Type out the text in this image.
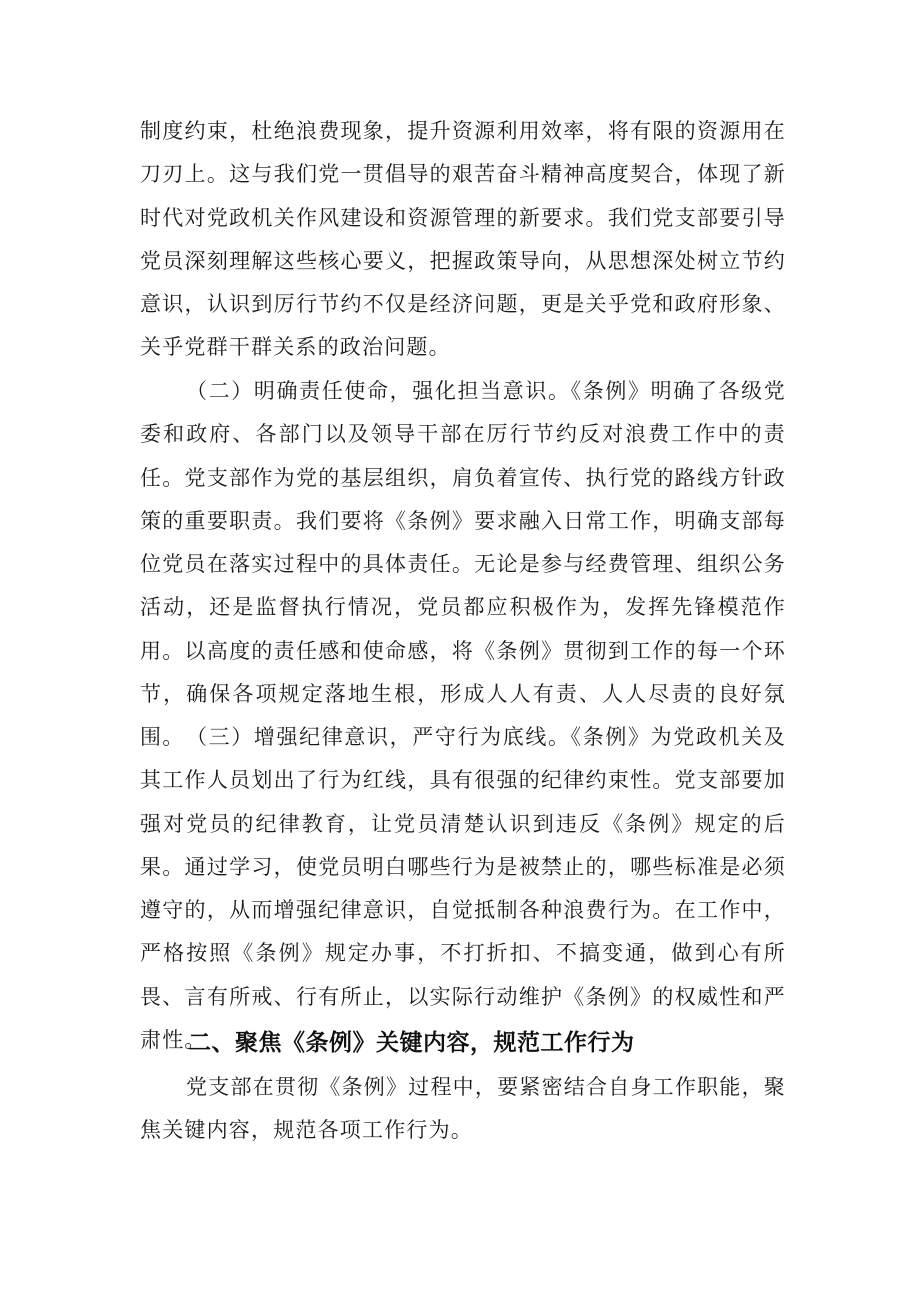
制度约束，杜绝浪费现象，提升资源利用效率，将有限的资源用在刀刃上。这与我们党一贯倡导的艰苦奋斗精神高度契合，体现了新时代对党政机关作风建设和资源管理的新要求。我们党支部要引导党员深刻理解这些核心要义，把握政策导向，从思想深处树立节约意识，认识到厉行节约不仅是经济问题，更是关乎党和政府形象、关乎党群干群关系的政治问题。

（二）明确责任使命，强化担当意识。《条例》明确了各级党委和政府、各部门以及领导干部在厉行节约反对浪费工作中的责任。党支部作为党的基层组织，肩负着宣传、执行党的路线方针政策的重要职责。我们要将《条例》要求融入日常工作，明确支部每位党员在落实过程中的具体责任。无论是参与经费管理、组织公务活动，还是监督执行情况，党员都应积极作为，发挥先锋模范作用。以高度的责任感和使命感，将《条例》贯彻到工作的每一个环节，确保各项规定落地生根，形成人人有责、人人尽责的良好氛围。 （三）增强纪律意识，严守行为底线。《条例》为党政机关及其工作人员划出了行为红线，具有很强的纪律约束性。党支部要加强对党员的纪律教育，让党员清楚认识到违反《条例》规定的后果。通过学习，使党员明白哪些行为是被禁止的，哪些标准是必须遵守的，从而增强纪律意识，自觉抵制各种浪费行为。在工作中，严格按照《条例》规定办事，不打折扣、不搞变通，做到心有所畏、言有所戒、行有所止，以实际行动维护《条例》的权威性和严肃性。

二、聚焦《条例》关键内容，规范工作行为

党支部在贯彻《条例》过程中，要紧密结合自身工作职能，聚焦关键内容，规范各项工作行为。
